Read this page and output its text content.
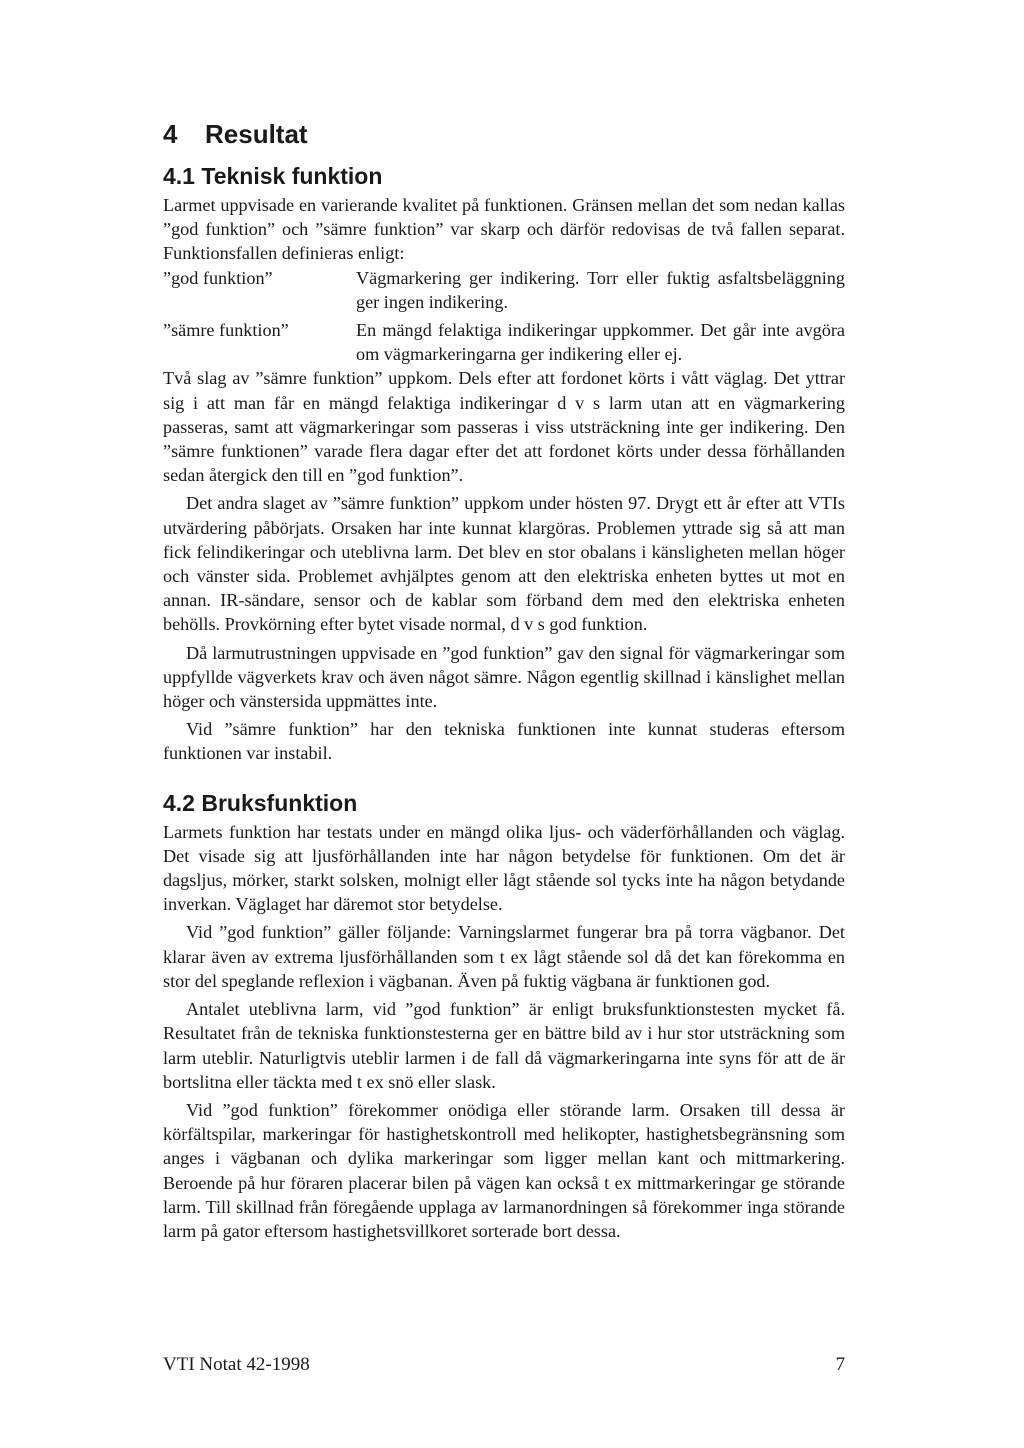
4 Resultat
4.1 Teknisk funktion

Larmet uppvisade en varierande kvalitet på funktionen. Gränsen mellan det som nedan kallas ”god funktion” och ”sämre funktion” var skarp och därför redovisas de två fallen separat. Funktionsfallen definieras enligt:

”god funktion”	Vägmarkering ger indikering. Torr eller fuktig asfaltsbeläggning ger ingen indikering.
”sämre funktion”	En mängd felaktiga indikeringar uppkommer. Det går inte avgöra om vägmarkeringarna ger indikering eller ej.

Två slag av ”sämre funktion” uppkom. Dels efter att fordonet körts i vått väglag. Det yttrar sig i att man får en mängd felaktiga indikeringar d v s larm utan att en vägmarkering passeras, samt att vägmarkeringar som passeras i viss utsträckning inte ger indikering. Den ”sämre funktionen” varade flera dagar efter det att fordonet körts under dessa förhållanden sedan återgick den till en ”god funktion”.

Det andra slaget av ”sämre funktion” uppkom under hösten 97. Drygt ett år efter att VTIs utvärdering påbörjats. Orsaken har inte kunnat klargöras. Problemen yttrade sig så att man fick felindikeringar och uteblivna larm. Det blev en stor obalans i känsligheten mellan höger och vänster sida. Problemet avhjälptes genom att den elektriska enheten byttes ut mot en annan. IR-sändare, sensor och de kablar som förband dem med den elektriska enheten behölls. Provkörning efter bytet visade normal, d v s god funktion.

Då larmutrustningen uppvisade en ”god funktion” gav den signal för vägmarkeringar som uppfyllde vägverkets krav och även något sämre. Någon egentlig skillnad i känslighet mellan höger och vänstersida uppmättes inte.

Vid ”sämre funktion” har den tekniska funktionen inte kunnat studeras eftersom funktionen var instabil.

4.2 Bruksfunktion

Larmets funktion har testats under en mängd olika ljus- och väderförhållanden och väglag. Det visade sig att ljusförhållanden inte har någon betydelse för funktionen. Om det är dagsljus, mörker, starkt solsken, molnigt eller lågt stående sol tycks inte ha någon betydande inverkan. Väglaget har däremot stor betydelse.

Vid ”god funktion” gäller följande: Varningslarmet fungerar bra på torra vägbanor. Det klarar även av extrema ljusförhållanden som t ex lågt stående sol då det kan förekomma en stor del speglande reflexion i vägbanan. Även på fuktig vägbana är funktionen god.

Antalet uteblivna larm, vid ”god funktion” är enligt bruksfunktionstesten mycket få. Resultatet från de tekniska funktionstesterna ger en bättre bild av i hur stor utsträckning som larm uteblir. Naturligtvis uteblir larmen i de fall då vägmarkeringarna inte syns för att de är bortslitna eller täckta med t ex snö eller slask.

Vid ”god funktion” förekommer onödiga eller störande larm. Orsaken till dessa är körfältspilar, markeringar för hastighetskontroll med helikopter, hastighetsbegränsning som anges i vägbanan och dylika markeringar som ligger mellan kant och mittmarkering. Beroende på hur föraren placerar bilen på vägen kan också t ex mittmarkeringar ge störande larm. Till skillnad från föregående upplaga av larmanordningen så förekommer inga störande larm på gator eftersom hastighetsvillkoret sorterade bort dessa.

VTI Notat 42-1998	7
